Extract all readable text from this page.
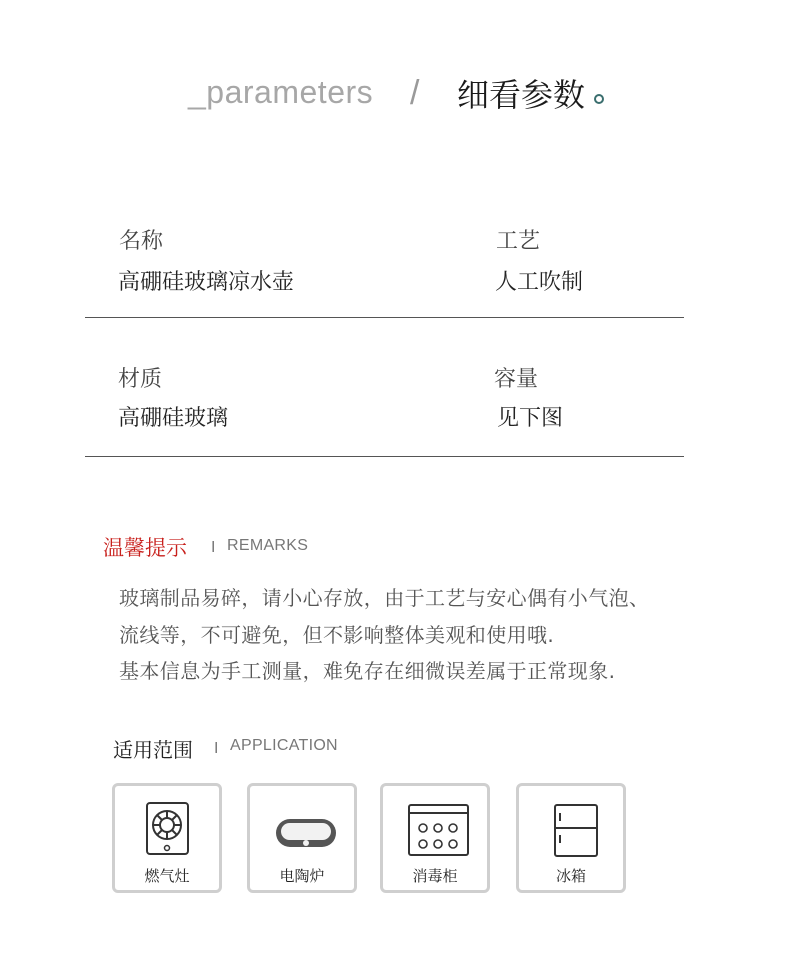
_parameters / 细看参数
名称
高硼硅玻璃凉水壶
工艺
人工吹制
材质
高硼硅玻璃
容量
见下图
温馨提示 I REMARKS
玻璃制品易碎，请小心存放，由于工艺与安心偶有小气泡、
流线等，不可避免，但不影响整体美观和使用哦.
基本信息为手工测量，难免存在细微误差属于正常现象.
适用范围 I APPLICATION
燃气灶	电陶炉	消毒柜	冰箱
